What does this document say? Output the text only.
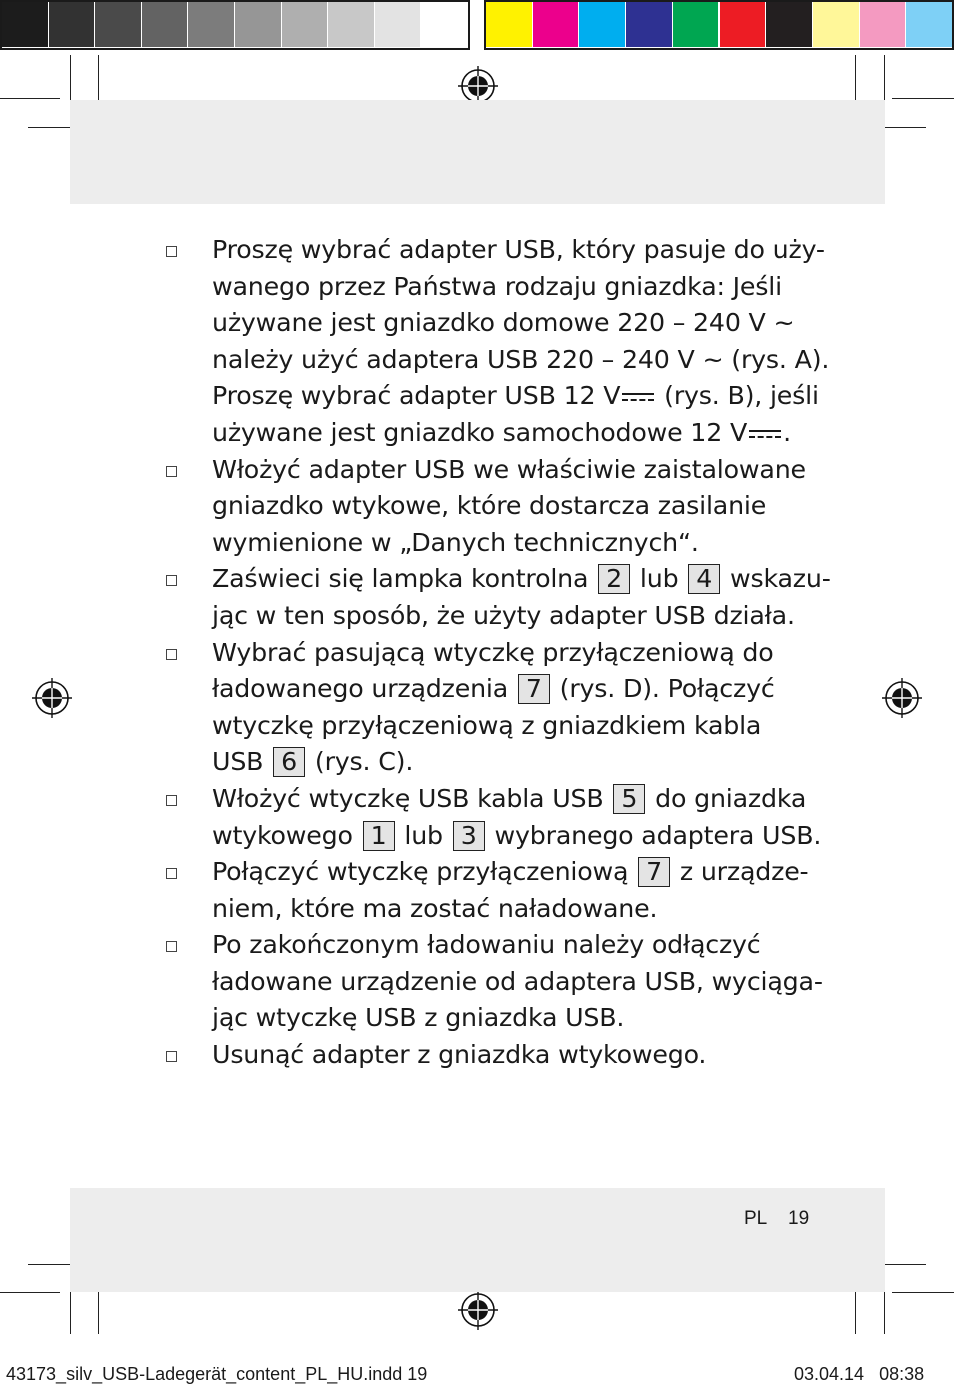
Proszę wybrać adapter USB, który pasuje do uży-
wanego przez Państwa rodzaju gniazdka: Jeśli
używane jest gniazdko domowe 220 – 240 V ~
należy użyć adaptera USB 220 – 240 V ~ (rys. A).
Proszę wybrać adapter USB 12 V (rys. B), jeśli
używane jest gniazdko samochodowe 12 V .
Włożyć adapter USB we właściwie zaistalowane
gniazdko wtykowe, które dostarcza zasilanie
wymienione w „Danych technicznych“.
Zaświeci się lampka kontrolna 2 lub 4 wskazu-
jąc w ten sposób, że użyty adapter USB działa.
Wybrać pasującą wtyczkę przyłączeniową do
ładowanego urządzenia 7 (rys. D). Połączyć
wtyczkę przyłączeniową z gniazdkiem kabla
USB 6 (rys. C).
Włożyć wtyczkę USB kabla USB 5 do gniazdka
wtykowego 1 lub 3 wybranego adaptera USB.
Połączyć wtyczkę przyłączeniową 7 z urządze-
niem, które ma zostać naładowane.
Po zakończonym ładowaniu należy odłączyć
ładowane urządzenie od adaptera USB, wyciąga-
jąc wtyczkę USB z gniazdka USB.
Usunąć adapter z gniazdka wtykowego.
PL 19
43173_silv_USB-Ladegerät_content_PL_HU.indd 19	03.04.14 08:38
